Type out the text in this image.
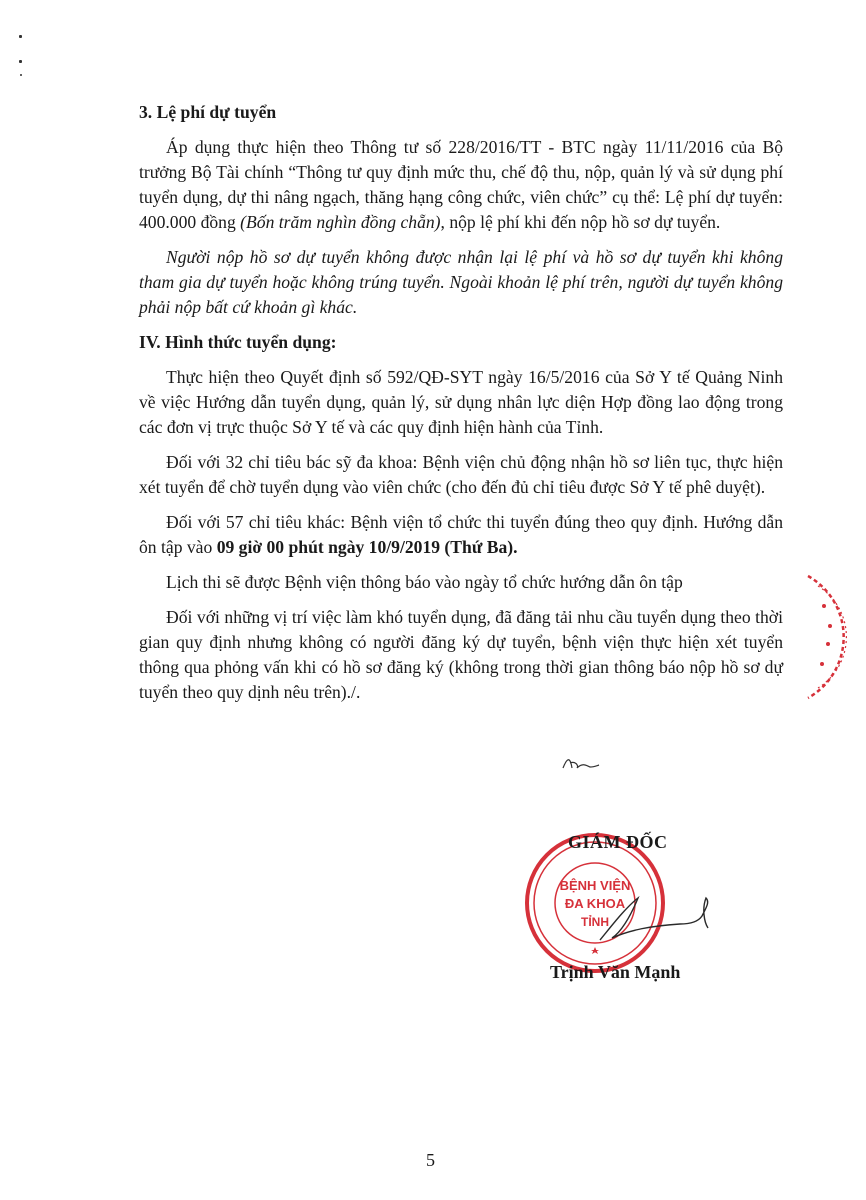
3. Lệ phí dự tuyển

Áp dụng thực hiện theo Thông tư số 228/2016/TT - BTC ngày 11/11/2016 của Bộ trưởng Bộ Tài chính “Thông tư quy định mức thu, chế độ thu, nộp, quản lý và sử dụng phí tuyển dụng, dự thi nâng ngạch, thăng hạng công chức, viên chức” cụ thể: Lệ phí dự tuyển: 400.000 đồng (Bốn trăm nghìn đồng chẵn), nộp lệ phí khi đến nộp hồ sơ dự tuyển.

Người nộp hồ sơ dự tuyển không được nhận lại lệ phí và hồ sơ dự tuyển khi không tham gia dự tuyển hoặc không trúng tuyển. Ngoài khoản lệ phí trên, người dự tuyển không phải nộp bất cứ khoản gì khác.

IV. Hình thức tuyển dụng:

Thực hiện theo Quyết định số 592/QĐ-SYT ngày 16/5/2016 của Sở Y tế Quảng Ninh về việc Hướng dẫn tuyển dụng, quản lý, sử dụng nhân lực diện Hợp đồng lao động trong các đơn vị trực thuộc Sở Y tế và các quy định hiện hành của Tỉnh.

Đối với 32 chỉ tiêu bác sỹ đa khoa: Bệnh viện chủ động nhận hồ sơ liên tục, thực hiện xét tuyển để chờ tuyển dụng vào viên chức (cho đến đủ chỉ tiêu được Sở Y tế phê duyệt).

Đối với 57 chỉ tiêu khác: Bệnh viện tổ chức thi tuyển đúng theo quy định. Hướng dẫn ôn tập vào 09 giờ 00 phút ngày 10/9/2019 (Thứ Ba).

Lịch thi sẽ được Bệnh viện thông báo vào ngày tổ chức hướng dẫn ôn tập

Đối với những vị trí việc làm khó tuyển dụng, đã đăng tải nhu cầu tuyển dụng theo thời gian quy định nhưng không có người đăng ký dự tuyển, bệnh viện thực hiện xét tuyển thông qua phỏng vấn khi có hồ sơ đăng ký (không trong thời gian thông báo nộp hồ sơ dự tuyển theo quy dịnh nêu trên)./.

BỆNH VIỆN
ĐA KHOA
TỈNH
GIÁM ĐỐC
Trịnh Văn Mạnh
5
